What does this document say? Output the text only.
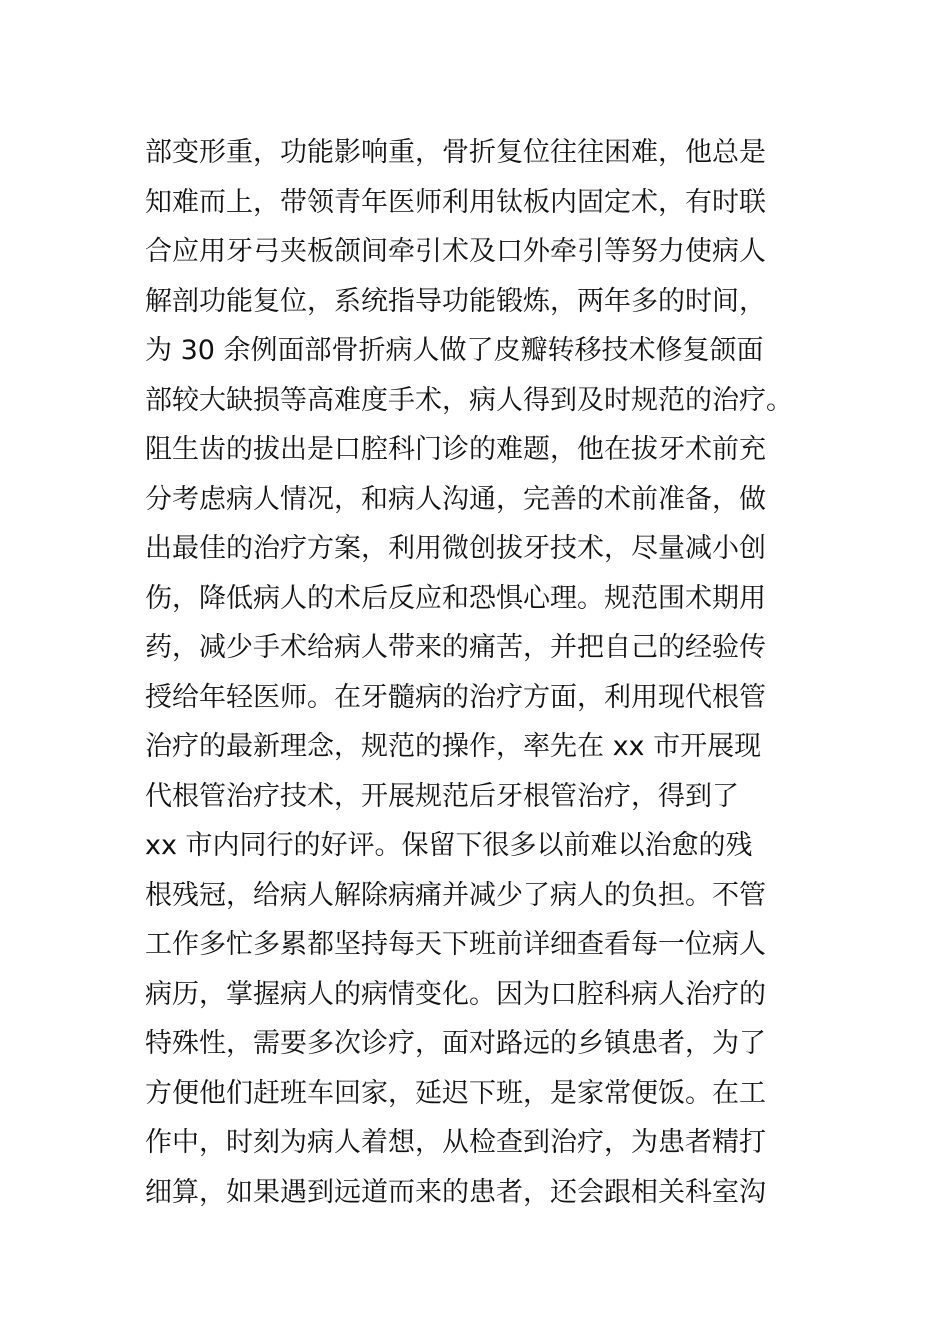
部变形重，功能影响重，骨折复位往往困难，他总是
知难而上，带领青年医师利用钛板内固定术，有时联
合应用牙弓夹板颌间牵引术及口外牵引等努力使病人
解剖功能复位，系统指导功能锻炼，两年多的时间，
为 30 余例面部骨折病人做了皮瓣转移技术修复颌面
部较大缺损等高难度手术，病人得到及时规范的治疗。
阻生齿的拔出是口腔科门诊的难题，他在拔牙术前充
分考虑病人情况，和病人沟通，完善的术前准备，做
出最佳的治疗方案，利用微创拔牙技术，尽量减小创
伤，降低病人的术后反应和恐惧心理。规范围术期用
药，减少手术给病人带来的痛苦，并把自己的经验传
授给年轻医师。在牙髓病的治疗方面，利用现代根管
治疗的最新理念，规范的操作，率先在 xx 市开展现
代根管治疗技术，开展规范后牙根管治疗，得到了
xx 市内同行的好评。保留下很多以前难以治愈的残
根残冠，给病人解除病痛并减少了病人的负担。不管
工作多忙多累都坚持每天下班前详细查看每一位病人
病历，掌握病人的病情变化。因为口腔科病人治疗的
特殊性，需要多次诊疗，面对路远的乡镇患者，为了
方便他们赶班车回家，延迟下班，是家常便饭。在工
作中，时刻为病人着想，从检查到治疗，为患者精打
细算，如果遇到远道而来的患者，还会跟相关科室沟
